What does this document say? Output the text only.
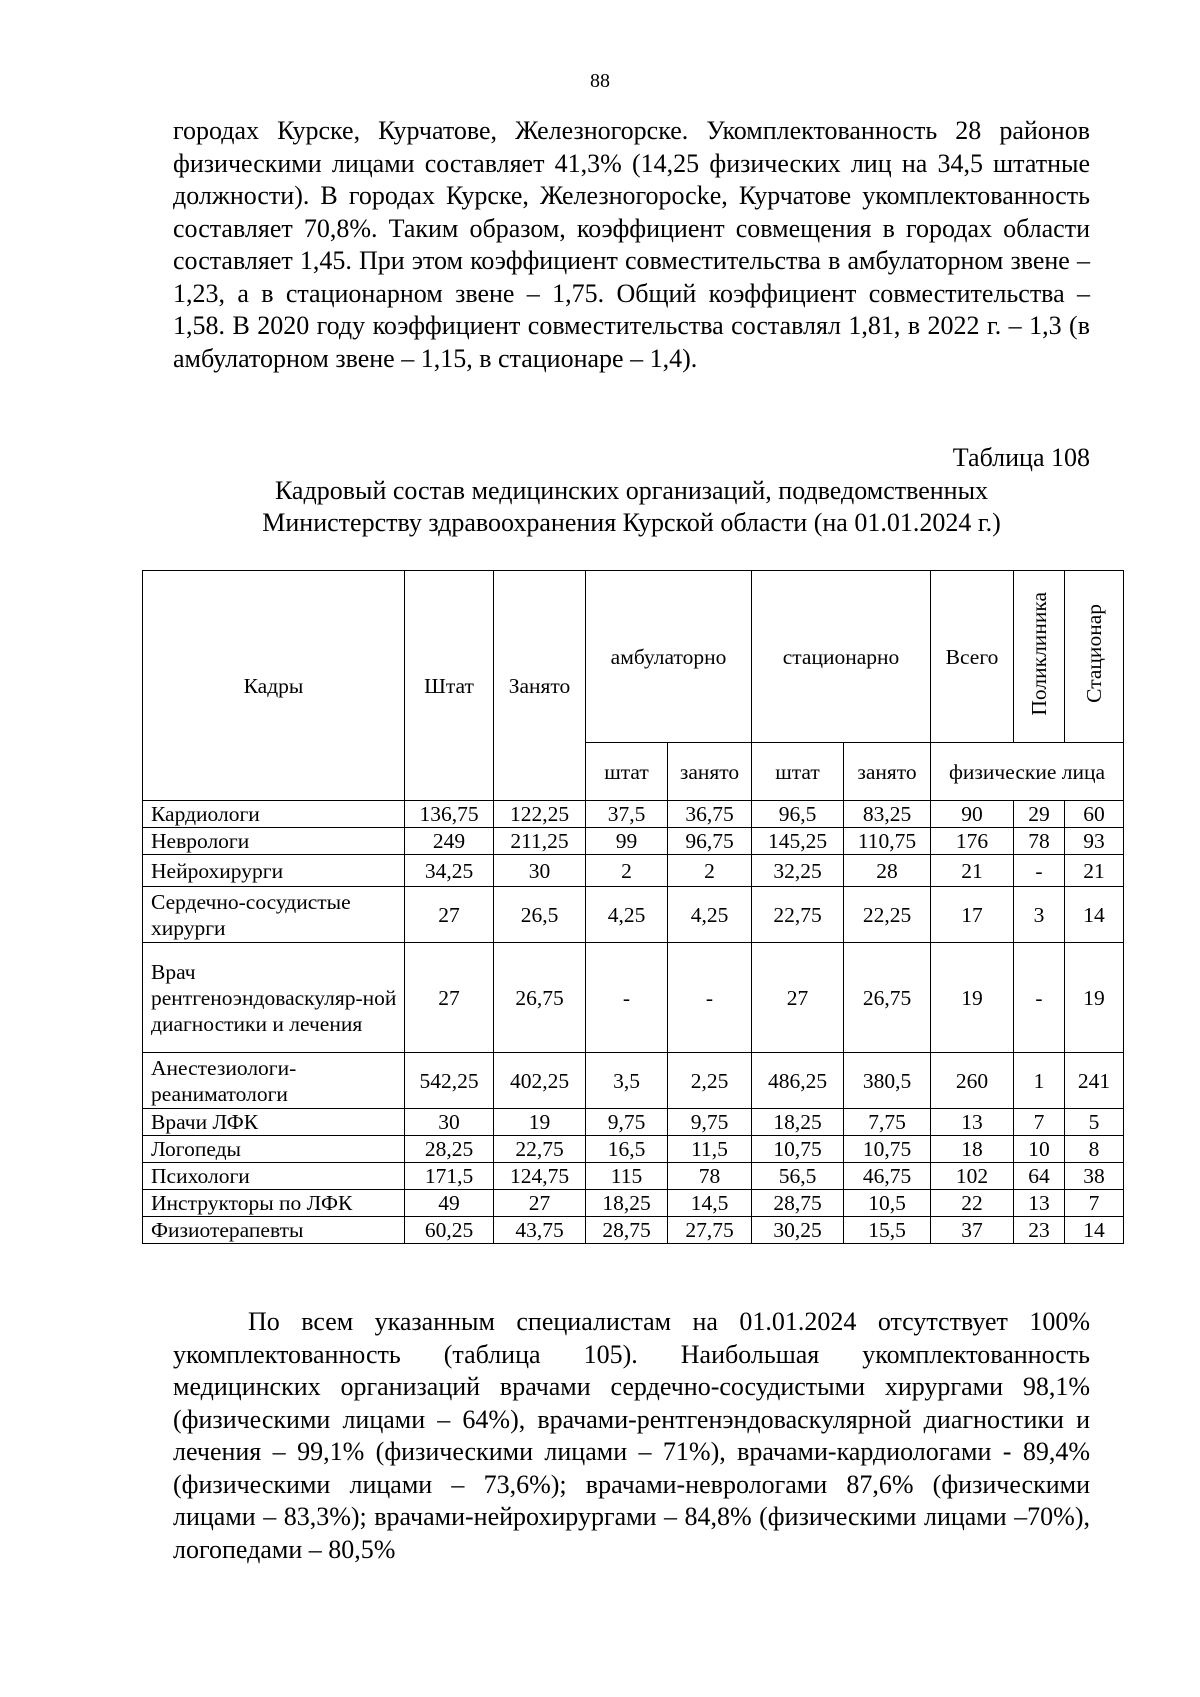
88

городах Курске, Курчатове, Железногорске. Укомплектованность 28 районов физическими лицами составляет 41,3% (14,25 физических лиц на 34,5 штатные должности). В городах Курске, Железногоросke, Курчатове укомплектованность составляет 70,8%. Таким образом, коэффициент совмещения в городах области составляет 1,45. При этом коэффициент совместительства в амбулаторном звене – 1,23, а в стационарном звене – 1,75. Общий коэффициент совместительства – 1,58. В 2020 году коэффициент совместительства составлял 1,81, в 2022 г. – 1,3 (в амбулаторном звене – 1,15, в стационаре – 1,4).

Таблица 108
Кадровый состав медицинских организаций, подведомственных
Министерству здравоохранения Курской области (на 01.01.2024 г.)
Кадры	Штат	Занято	амбулаторно		стационарно		Всего	Поликлиника	Стационар
			штат	занято	штат	занято	физические лица		
Кардиологи	136,75	122,25	37,5	36,75	96,5	83,25	90	29	60
Неврологи	249	211,25	99	96,75	145,25	110,75	176	78	93
Нейрохирурги	34,25	30	2	2	32,25	28	21	-	21
Сердечно-сосудистые хирурги	27	26,5	4,25	4,25	22,75	22,25	17	3	14
Врач рентгеноэндоваскуляр-ной диагностики и лечения	27	26,75	-	-	27	26,75	19	-	19
Анестезиологи-реаниматологи	542,25	402,25	3,5	2,25	486,25	380,5	260	1	241
Врачи ЛФК	30	19	9,75	9,75	18,25	7,75	13	7	5
Логопеды	28,25	22,75	16,5	11,5	10,75	10,75	18	10	8
Психологи	171,5	124,75	115	78	56,5	46,75	102	64	38
Инструкторы по ЛФК	49	27	18,25	14,5	28,75	10,5	22	13	7
Физиотерапевты	60,25	43,75	28,75	27,75	30,25	15,5	37	23	14

По всем указанным специалистам на 01.01.2024 отсутствует 100% укомплектованность (таблица 105). Наибольшая укомплектованность медицинских организаций врачами сердечно-сосудистыми хирургами 98,1% (физическими лицами – 64%), врачами-рентгенэндоваскулярной диагностики и лечения – 99,1% (физическими лицами – 71%), врачами-кардиологами - 89,4% (физическими лицами – 73,6%); врачами-неврологами 87,6% (физическими лицами – 83,3%); врачами-нейрохирургами – 84,8% (физическими лицами –70%), логопедами – 80,5%
